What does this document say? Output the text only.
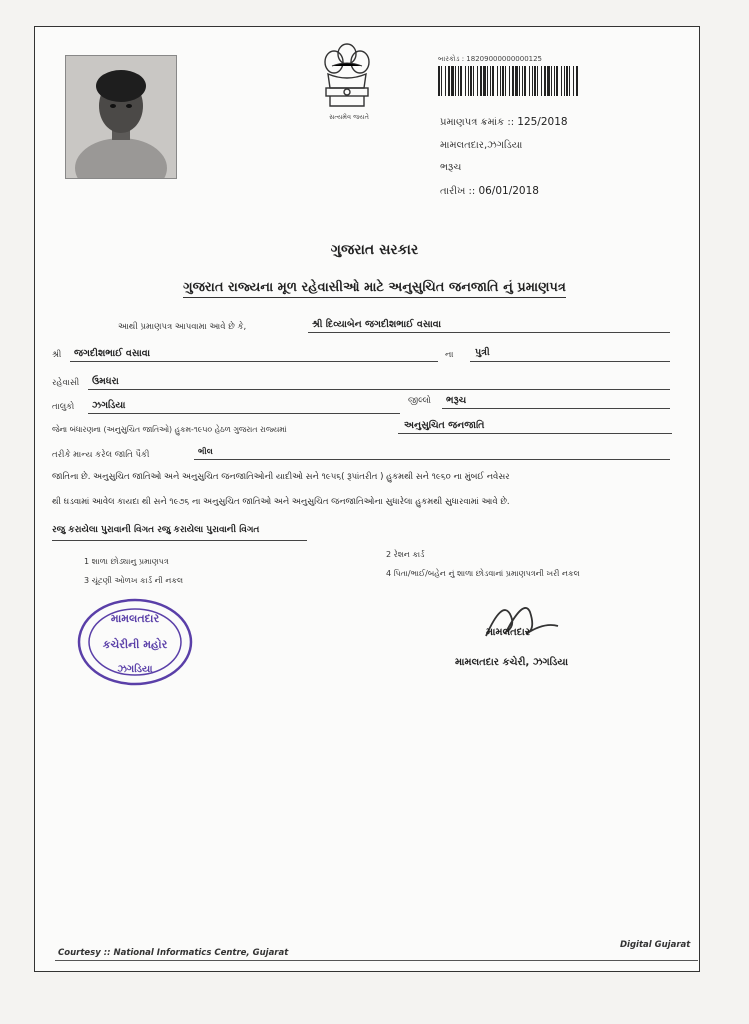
સત્યમેવ જયતે
બારકોડ : 18209000000000125
પ્રમાણપત્ર ક્રમાંક :: 125/2018
મામલતદાર,ઝગડિયા
ભરૂચ
તારીખ :: 06/01/2018
ગુજરાત સરકાર
ગુજરાત રાજ્યના મૂળ રહેવાસીઓ માટે અનુસુચિત જનજાતિ નું પ્રમાણપત્ર
આથી પ્રમાણપત્ર આપવામા આવે છે કે,	શ્રી દિવ્યાબેન જગદીશભાઈ વસાવા
શ્રી જગદીશભાઈ વસાવા	ના પુત્રી
રહેવાસી ઉમધરા
તાલુકો ઝગડિયા	જીલ્લો ભરૂચ
જેના બંધારણના (અનુસુચિત જાતિઓ) હુકમ-૧૯૫૦ હેઠળ ગુજરાત રાજ્યમાં	અનુસુચિત જનજાતિ
તરીકે માન્ય કરેલ જાતિ પૈકી	ભીલ
જાતિના છે. અનુસુચિત જાતિઓ અને અનુસુચિત જનજાતિઓની યાદીઓ સને ૧૯૫૬( રૂપાંતરીત ) હુકમથી સને ૧૯૬૦ ના મુંબઈ નવેસર
થી ઘડવામાં આવેલ કાયદા થી સને ૧૯૭૬ ના અનુસુચિત જાતિઓ અને અનુસુચિત જનજાતિઓના સુધારેલા હુકમથી સુધારવામાં આવે છે.
રજુ કરાયેલા પુરાવાની વિગત રજુ કરાયેલા પુરાવાની વિગત
1 શાળા છોડ્યાનુ પ્રમાણપત્ર
2 રેશન કાર્ડ
3 ચૂંટણી ઓળખ કાર્ડ ની નકલ
4 પિતા/ભાઈ/બહેન નું શાળા છોડવાનાં પ્રમાણપત્રની ખરી નકલ
મામલતદાર
કચેરીની મહોર
ઝગડિયા
મામલતદાર
મામલતદાર કચેરી, ઝગડિયા
Digital Gujarat
Courtesy :: National Informatics Centre, Gujarat
